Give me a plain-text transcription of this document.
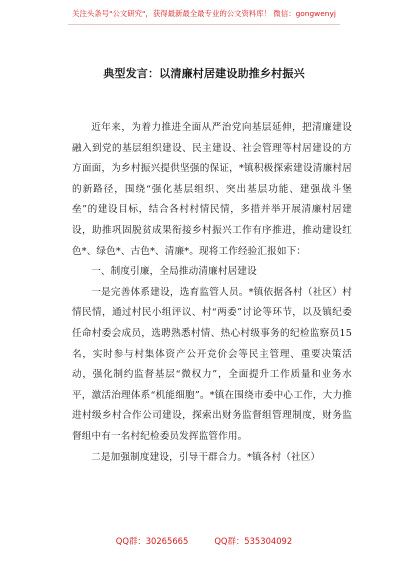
关注头条号"公文研究"，获得最新最全最专业的公文资料库！ 微信：gongwenyj
典型发言：以清廉村居建设助推乡村振兴

近年来，为着力推进全面从严治党向基层延伸，把清廉建设融入到党的基层组织建设、民主建设、社会管理等村居建设的方方面面，为乡村振兴提供坚强的保证，*镇积极探索建设清廉村居的新路径，围绕“强化基层组织、突出基层功能、建强战斗堡垒”的建设目标，结合各村村情民情，多措并举开展清廉村居建设，助推巩固脱贫成果衔接乡村振兴工作有序推进，推动建设红色*、绿色*、古色*、清廉*。现将工作经验汇报如下：

一、制度引廉，全局推动清廉村居建设

一是完善体系建设，选育监管人员。*镇依据各村（社区）村情民情，通过村民小组评议、村“两委”讨论等环节，以及镇纪委任命村委会成员，选聘熟悉村情、热心村级事务的纪检监察员15名，实时参与村集体资产公开竞价会等民主管理、重要决策活动，强化制约监督基层“微权力”，全面提升工作质量和业务水平，激活治理体系“机能细胞”。*镇在围绕市委中心工作，大力推进村级乡村合作公司建设，探索出财务监督组管理制度，财务监督组中有一名村纪检委员发挥监管作用。

二是加强制度建设，引导干群合力。*镇各村（社区）

QQ群：30265665	QQ群：535304092
